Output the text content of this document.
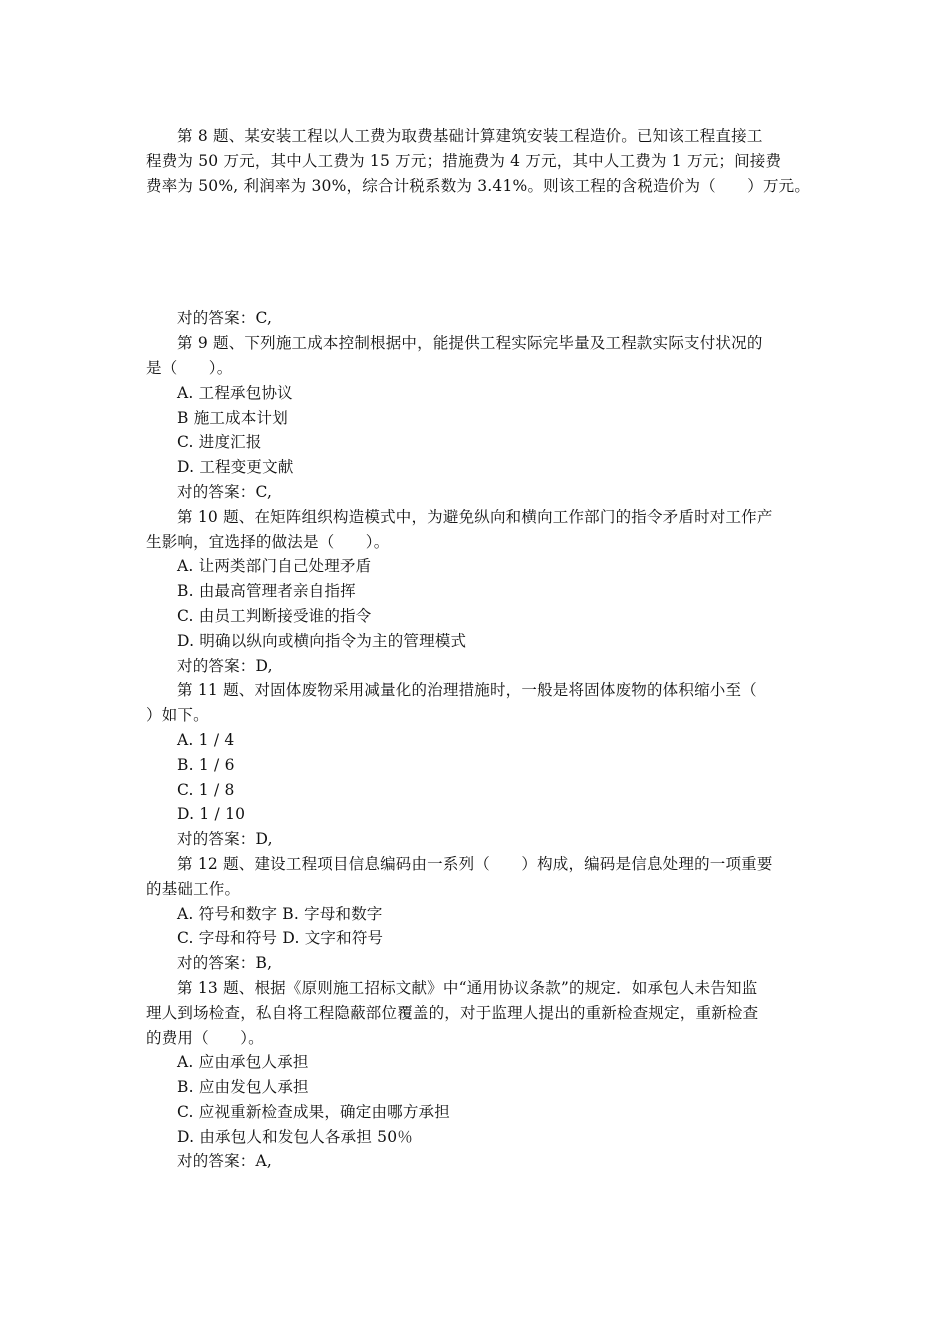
第 8 题、某安装工程以人工费为取费基础计算建筑安装工程造价。已知该工程直接工
程费为 50 万元，其中人工费为 15 万元；措施费为 4 万元，其中人工费为 1 万元；间接费
费率为 50%, 利润率为 30%，综合计税系数为 3.41%。则该工程的含税造价为（　　）万元。
对的答案：C,
第 9 题、下列施工成本控制根据中，能提供工程实际完毕量及工程款实际支付状况的
是（　　）。
A. 工程承包协议
B 施工成本计划
C. 进度汇报
D. 工程变更文献
对的答案：C,
第 10 题、在矩阵组织构造模式中，为避免纵向和横向工作部门的指令矛盾时对工作产
生影响，宜选择的做法是（　　）。
A. 让两类部门自己处理矛盾
B. 由最高管理者亲自指挥
C. 由员工判断接受谁的指令
D. 明确以纵向或横向指令为主的管理模式
对的答案：D,
第 11 题、对固体废物采用减量化的治理措施时，一般是将固体废物的体积缩小至（
）如下。
A. 1 / 4
B. 1 / 6
C. 1 / 8
D. 1 / 10
对的答案：D,
第 12 题、建设工程项目信息编码由一系列（　　）构成，编码是信息处理的一项重要
的基础工作。
A. 符号和数字 B. 字母和数字
C. 字母和符号 D. 文字和符号
对的答案：B,
第 13 题、根据《原则施工招标文献》中“通用协议条款”的规定．如承包人未告知监
理人到场检查，私自将工程隐蔽部位覆盖的，对于监理人提出的重新检查规定，重新检查
的费用（　　）。
A. 应由承包人承担
B. 应由发包人承担
C. 应视重新检查成果，确定由哪方承担
D. 由承包人和发包人各承担 50％
对的答案：A,
